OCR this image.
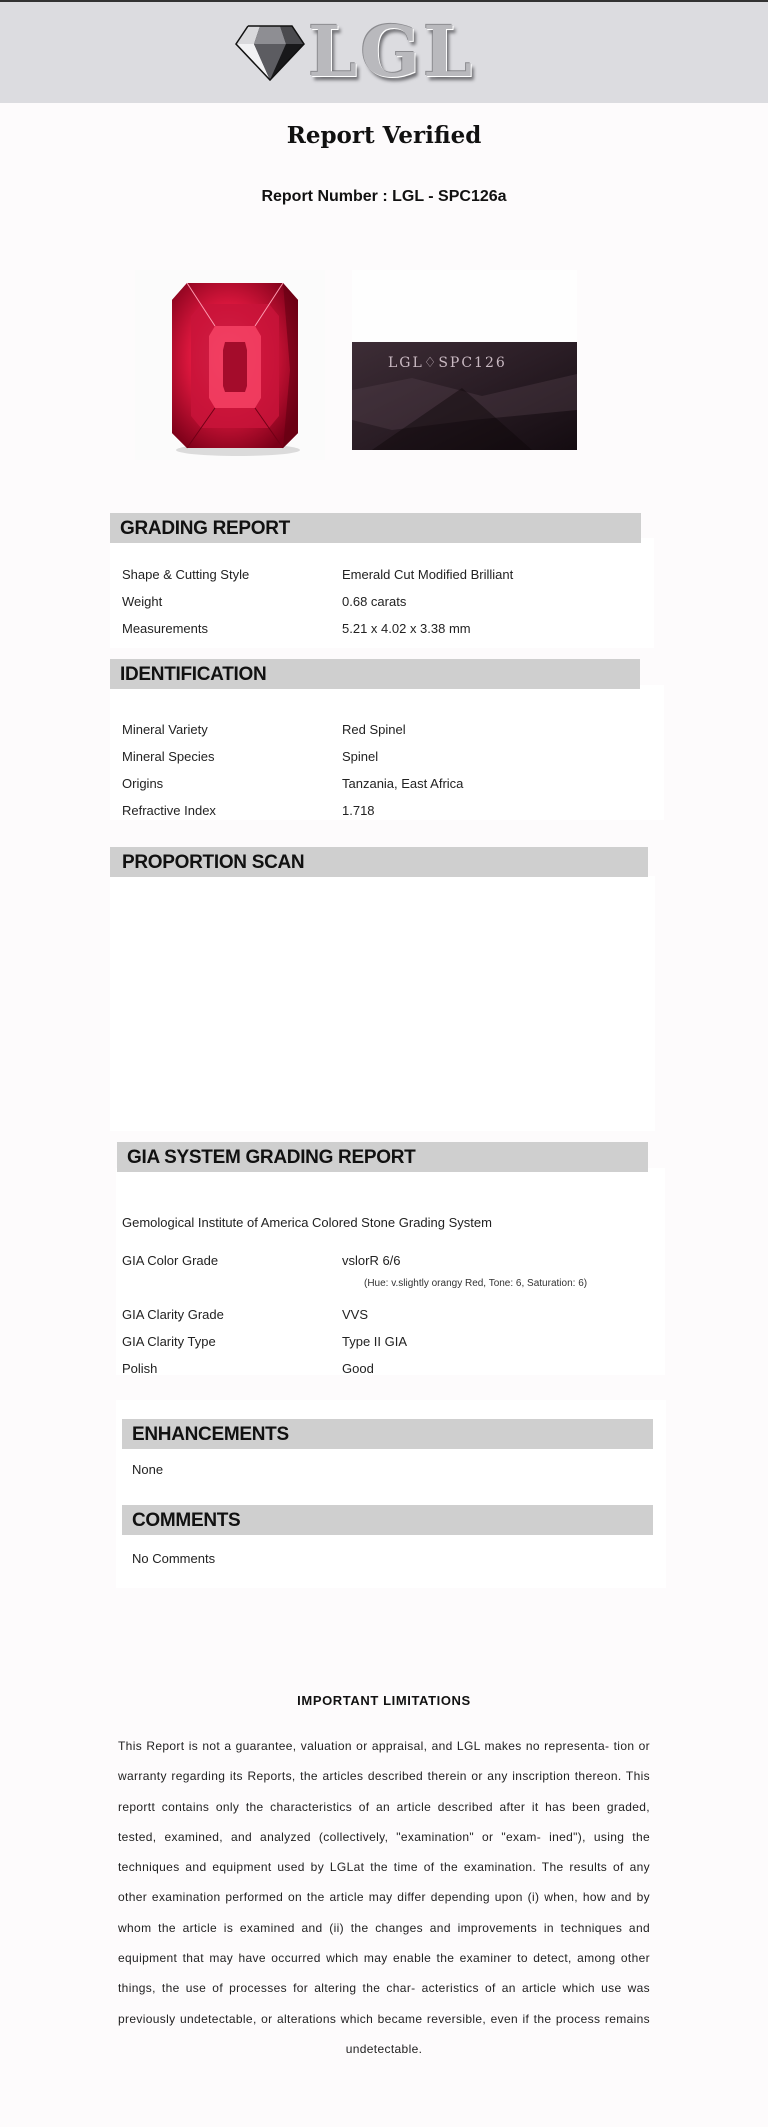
LGL
Report Verified
Report Number : LGL - SPC126a
LGL♢SPC126
GRADING REPORT
Shape & Cutting Style	Emerald Cut Modified Brilliant
Weight	0.68 carats
Measurements	5.21 x 4.02 x 3.38 mm
IDENTIFICATION
Mineral Variety	Red Spinel
Mineral Species	Spinel
Origins	Tanzania, East Africa
Refractive Index	1.718
PROPORTION SCAN
GIA SYSTEM GRADING REPORT
Gemological Institute of America Colored Stone Grading System
GIA Color Grade	vslorR 6/6
(Hue: v.slightly orangy Red, Tone: 6, Saturation: 6)
GIA Clarity Grade	VVS
GIA Clarity Type	Type II GIA
Polish	Good
ENHANCEMENTS
None
COMMENTS
No Comments
IMPORTANT LIMITATIONS
This Report is not a guarantee, valuation or appraisal, and LGL makes no representa- tion or warranty regarding its Reports, the articles described therein or any inscription thereon. This reportt contains only the characteristics of an article described after it has been graded, tested, examined, and analyzed (collectively, "examination" or "exam- ined"), using the techniques and equipment used by LGLat the time of the examination. The results of any other examination performed on the article may differ depending upon (i) when, how and by whom the article is examined and (ii) the changes and improvements in techniques and equipment that may have occurred which may enable the examiner to detect, among other things, the use of processes for altering the char- acteristics of an article which use was previously undetectable, or alterations which became reversible, even if the process remains undetectable.
